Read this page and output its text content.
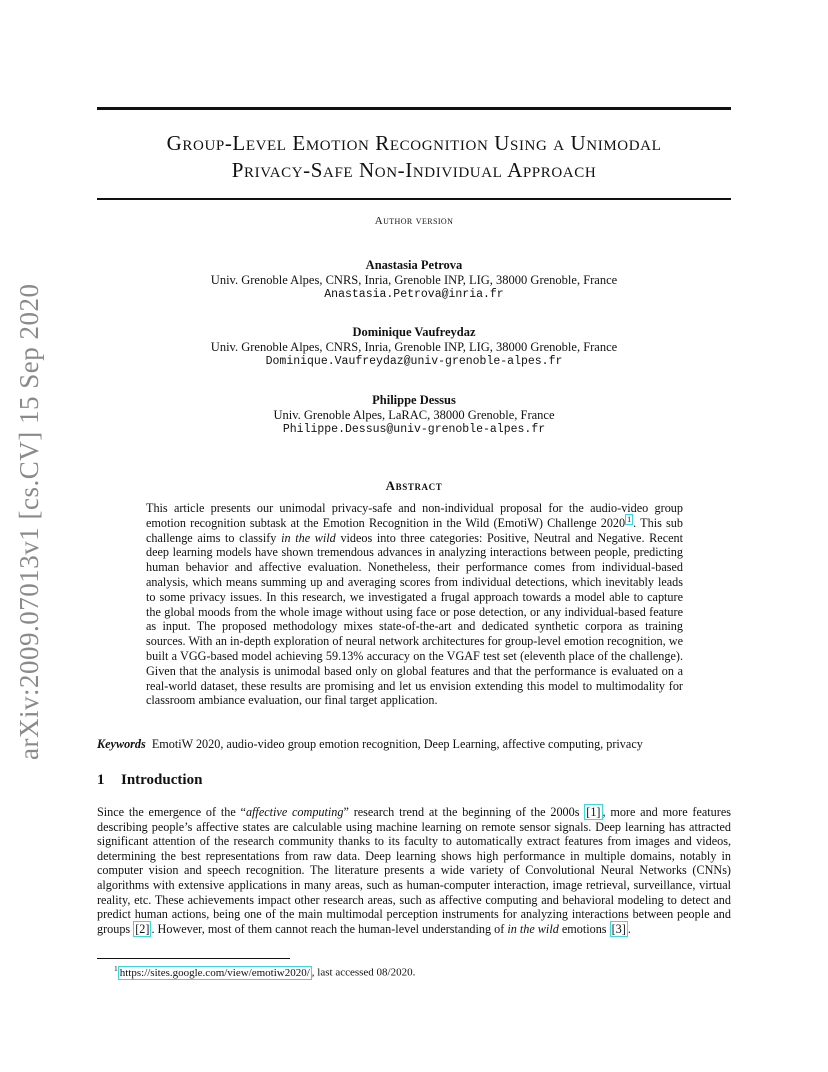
Group-Level Emotion Recognition Using a Unimodal
Privacy-Safe Non-Individual Approach
Author version
Anastasia Petrova
Univ. Grenoble Alpes, CNRS, Inria, Grenoble INP, LIG, 38000 Grenoble, France
Anastasia.Petrova@inria.fr
Dominique Vaufreydaz
Univ. Grenoble Alpes, CNRS, Inria, Grenoble INP, LIG, 38000 Grenoble, France
Dominique.Vaufreydaz@univ-grenoble-alpes.fr
Philippe Dessus
Univ. Grenoble Alpes, LaRAC, 38000 Grenoble, France
Philippe.Dessus@univ-grenoble-alpes.fr
arXiv:2009.07013v1 [cs.CV] 15 Sep 2020	Abstract
This article presents our unimodal privacy-safe and non-individual proposal for the audio-video group emotion recognition subtask at the Emotion Recognition in the Wild (EmotiW) Challenge 2020 $^1$ . This sub challenge aims to classify in the wild videos into three categories: Positive, Neutral and Negative. Recent deep learning models have shown tremendous advances in analyzing interactions between people, predicting human behavior and affective evaluation. Nonetheless, their performance comes from individual-based analysis, which means summing up and averaging scores from individual detections, which inevitably leads to some privacy issues. In this research, we investigated a frugal approach towards a model able to capture the global moods from the whole image without using face or pose detection, or any individual-based feature as input. The proposed methodology mixes state-of-the-art and dedicated synthetic corpora as training sources. With an in-depth exploration of neural network architectures for group-level emotion recognition, we built a VGG-based model achieving 59.13% accuracy on the VGAF test set (eleventh place of the challenge). Given that the analysis is unimodal based only on global features and that the performance is evaluated on a real-world dataset, these results are promising and let us envision extending this model to multimodality for classroom ambiance evaluation, our final target application.
Keywords EmotiW 2020, audio-video group emotion recognition, Deep Learning, affective computing, privacy
1 Introduction
Since the emergence of the “affective computing” research trend at the beginning of the 2000s [1] , more and more features describing people’s affective states are calculable using machine learning on remote sensor signals. Deep learning has attracted significant attention of the research community thanks to its faculty to automatically extract features from images and videos, determining the best representations from raw data. Deep learning shows high performance in multiple domains, notably in computer vision and speech recognition. The literature presents a wide variety of Convolutional Neural Networks (CNNs) algorithms with extensive applications in many areas, such as human-computer interaction, image retrieval, surveillance, virtual reality, etc. These achievements impact other research areas, such as affective computing and behavioral modeling to detect and predict human actions, being one of the main multimodal perception instruments for analyzing interactions between people and groups [2] . However, most of them cannot reach the human-level understanding of in the wild emotions [3] .
$^1$ https://sites.google.com/view/emotiw2020/ , last accessed 08/2020.
